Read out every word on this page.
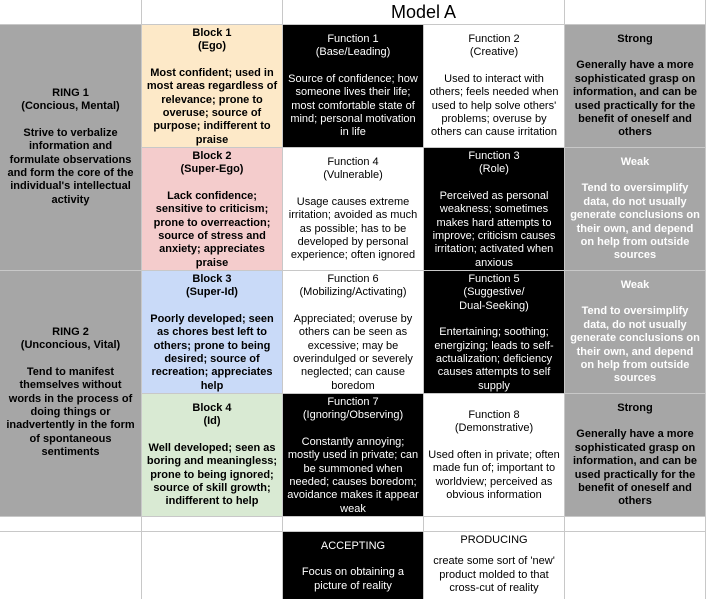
Model A
RING 1
(Concious, Mental)
Strive to verbalize information and formulate observations and form the core of the individual's intellectual activity
RING 2
(Unconcious, Vital)
Tend to manifest themselves without words in the process of doing things or inadvertently in the form of spontaneous sentiments
Block 1
(Ego)
Most confident; used in most areas regardless of relevance; prone to overuse; source of purpose; indifferent to praise
Block 2
(Super-Ego)
Lack confidence; sensitive to criticism; prone to overreaction; source of stress and anxiety; appreciates praise
Block 3
(Super-Id)
Poorly developed; seen as chores best left to others; prone to being desired; source of recreation; appreciates help
Block 4
(Id)
Well developed; seen as boring and meaningless; prone to being ignored; source of skill growth; indifferent to help
Function 1
(Base/Leading)
Source of confidence; how someone lives their life; most comfortable state of mind; personal motivation in life
Function 2
(Creative)
Used to interact with others; feels needed when used to help solve others' problems; overuse by others can cause irritation
Function 4
(Vulnerable)
Usage causes extreme irritation; avoided as much as possible; has to be developed by personal experience; often ignored
Function 3
(Role)
Perceived as personal weakness; sometimes makes hard attempts to improve; criticism causes irritation; activated when anxious
Function 6
(Mobilizing/Activating)
Appreciated; overuse by others can be seen as excessive; may be overindulged or severely neglected; can cause boredom
Function 5
(Suggestive/ Dual-Seeking)
Entertaining; soothing; energizing; leads to self-actualization; deficiency causes attempts to self supply
Function 7
(Ignoring/Observing)
Constantly annoying; mostly used in private; can be summoned when needed; causes boredom; avoidance makes it appear weak
Function 8
(Demonstrative)
Used often in private; often made fun of; important to worldview; perceived as obvious information
Strong
Generally have a more sophisticated grasp on information, and can be used practically for the benefit of oneself and others
Weak
Tend to oversimplify data, do not usually generate conclusions on their own, and depend on help from outside sources
Weak
Tend to oversimplify data, do not usually generate conclusions on their own, and depend on help from outside sources
Strong
Generally have a more sophisticated grasp on information, and can be used practically for the benefit of oneself and others
ACCEPTING
Focus on obtaining a picture of reality
PRODUCING
create some sort of 'new' product molded to that cross-cut of reality
